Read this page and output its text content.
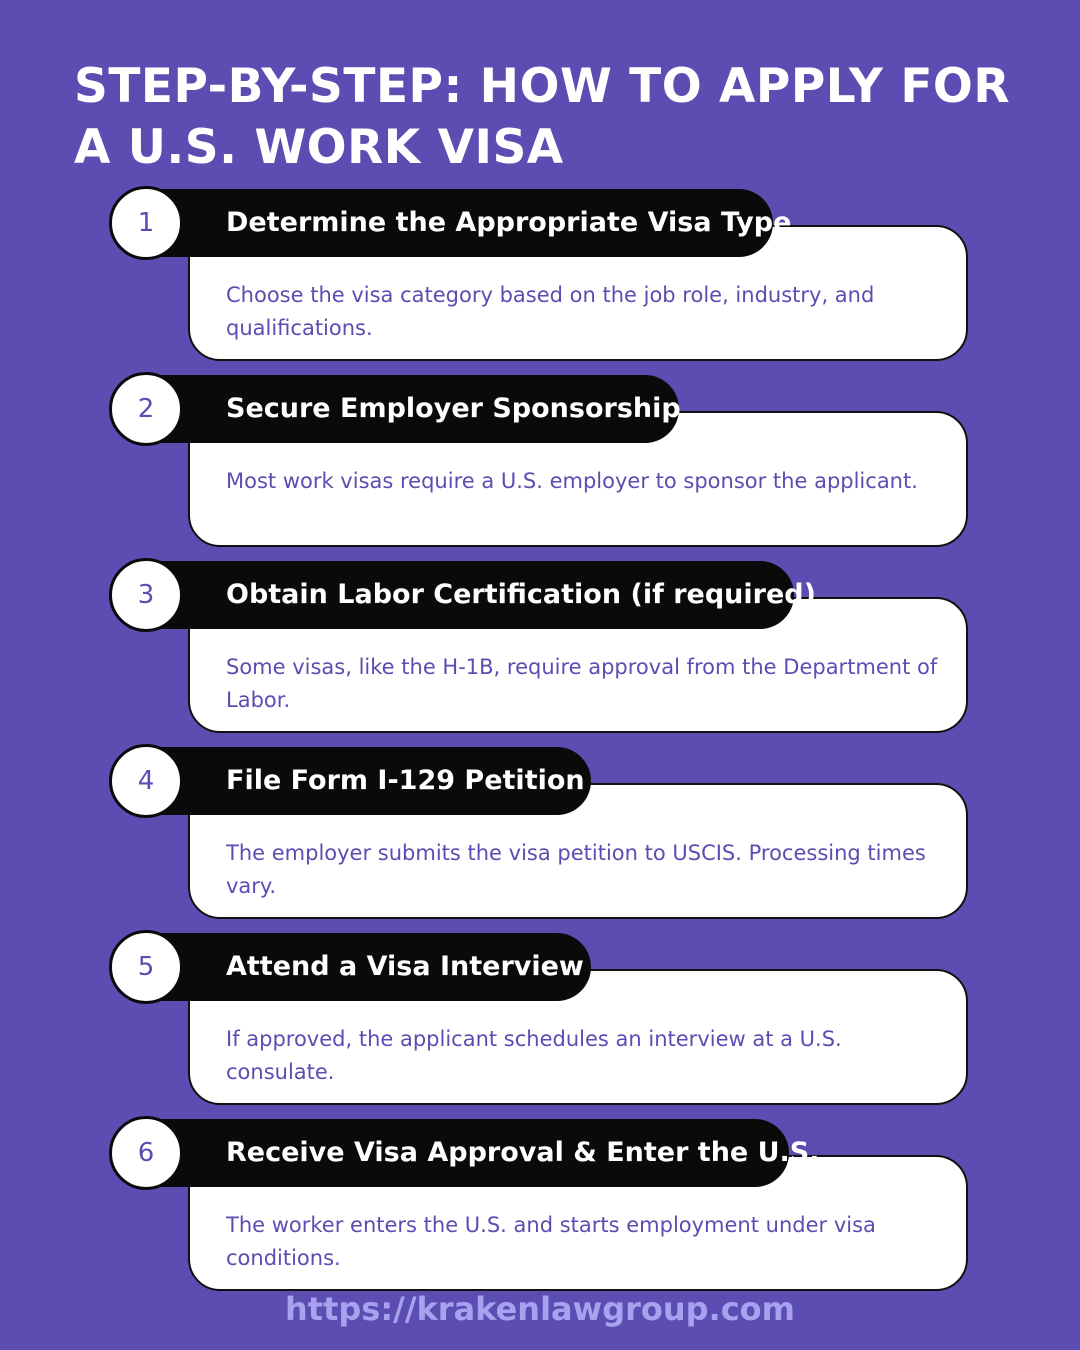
STEP-BY-STEP: HOW TO APPLY FOR A U.S. WORK VISA
1	Determine the Appropriate Visa Type
Choose the visa category based on the job role, industry, and qualifications.
2	Secure Employer Sponsorship
Most work visas require a U.S. employer to sponsor the applicant.
3	Obtain Labor Certification (if required)
Some visas, like the H-1B, require approval from the Department of Labor.
4	File Form I-129 Petition
The employer submits the visa petition to USCIS. Processing times vary.
5	Attend a Visa Interview
If approved, the applicant schedules an interview at a U.S. consulate.
6	Receive Visa Approval & Enter the U.S.
The worker enters the U.S. and starts employment under visa conditions.
https://krakenlawgroup.com
